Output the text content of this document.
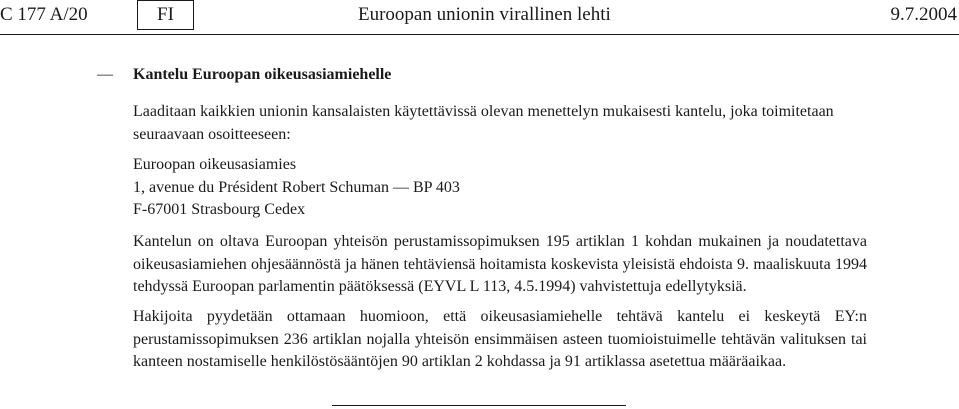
C 177 A/20	FI	Euroopan unionin virallinen lehti	9.7.2004
— Kantelu Euroopan oikeusasiamiehelle

Laaditaan kaikkien unionin kansalaisten käytettävissä olevan menettelyn mukaisesti kantelu, joka toimitetaan seuraavaan osoitteeseen:

Euroopan oikeusasiamies
1, avenue du Président Robert Schuman — BP 403
F-67001 Strasbourg Cedex

Kantelun on oltava Euroopan yhteisön perustamissopimuksen 195 artiklan 1 kohdan mukainen ja noudatettava oikeusasiamiehen ohjesäännöstä ja hänen tehtäviensä hoitamista koskevista yleisistä ehdoista 9. maaliskuuta 1994 tehdyssä Euroopan parlamentin päätöksessä (EYVL L 113, 4.5.1994) vahvistettuja edellytyksiä.

Hakijoita pyydetään ottamaan huomioon, että oikeusasiamiehelle tehtävä kantelu ei keskeytä EY:n perustamissopimuksen 236 artiklan nojalla yhteisön ensimmäisen asteen tuomioistuimelle tehtävän valituksen tai kanteen nostamiselle henkilöstösääntöjen 90 artiklan 2 kohdassa ja 91 artiklassa asetettua määräaikaa.
